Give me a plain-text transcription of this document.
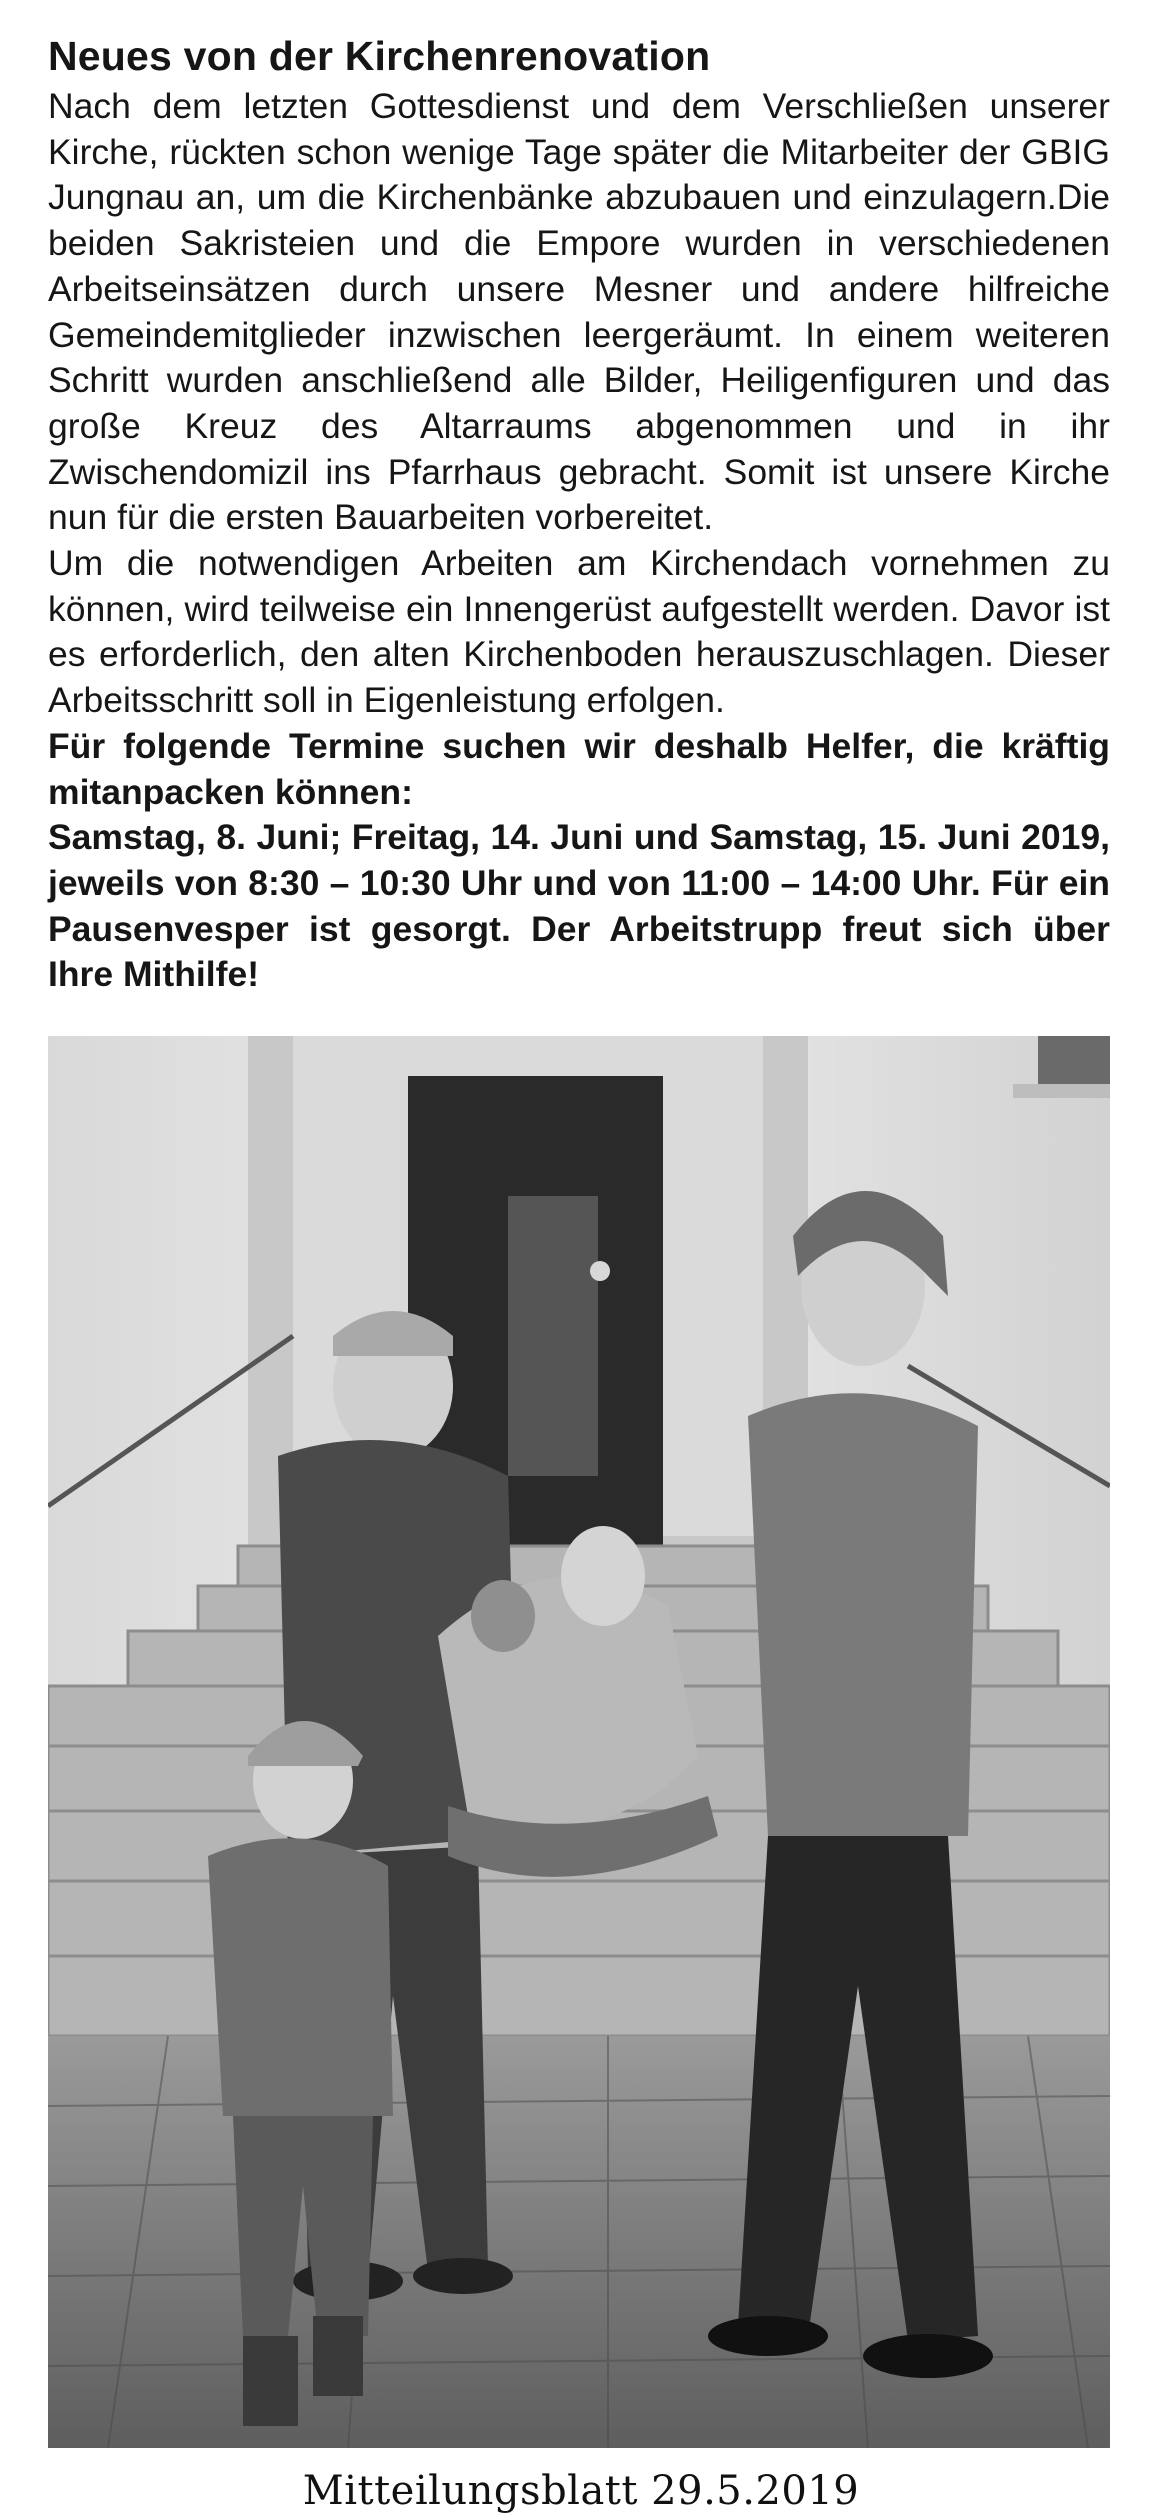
Neues von der Kirchenrenovation

Nach dem letzten Gottesdienst und dem Verschließen unserer Kirche, rückten schon wenige Tage später die Mitarbeiter der GBIG Jungnau an, um die Kirchenbänke abzubauen und einzulagern.Die beiden Sakristeien und die Empore wurden in verschiedenen Arbeitseinsätzen durch unsere Mesner und andere hilfreiche Gemeindemitglieder inzwischen leergeräumt. In einem weiteren Schritt wurden anschließend alle Bilder, Heiligenfiguren und das große Kreuz des Altarraums abgenommen und in ihr Zwischendomizil ins Pfarrhaus gebracht. Somit ist unsere Kirche nun für die ersten Bauarbeiten vorbereitet.

Um die notwendigen Arbeiten am Kirchendach vornehmen zu können, wird teilweise ein Innengerüst aufgestellt werden. Davor ist es erforderlich, den alten Kirchenboden herauszuschlagen. Dieser Arbeitsschritt soll in Eigenleistung erfolgen.

Für folgende Termine suchen wir deshalb Helfer, die kräftig mitanpacken können:

Samstag, 8. Juni; Freitag, 14. Juni und Samstag, 15. Juni 2019, jeweils von 8:30 – 10:30 Uhr und von 11:00 – 14:00 Uhr. Für ein Pausenvesper ist gesorgt. Der Arbeitstrupp freut sich über Ihre Mithilfe!

Mitteilungsblatt 29.5.2019
